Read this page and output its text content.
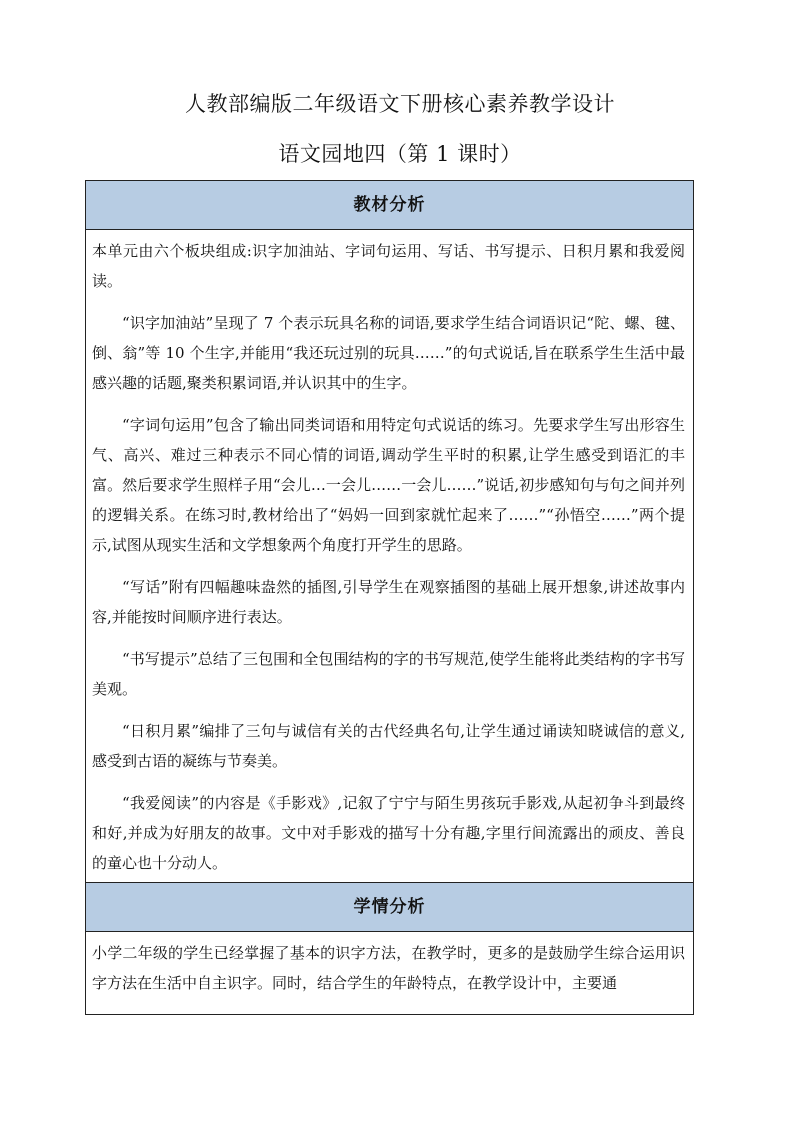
人教部编版二年级语文下册核心素养教学设计
语文园地四（第 1 课时）
教材分析

本单元由六个板块组成:识字加油站、字词句运用、写话、书写提示、日积月累和我爱阅读。

“识字加油站”呈现了 7 个表示玩具名称的词语,要求学生结合词语识记“陀、螺、毽、倒、翁”等 10 个生字,并能用“我还玩过别的玩具……”的句式说话,旨在联系学生生活中最感兴趣的话题,聚类积累词语,并认识其中的生字。

“字词句运用”包含了输出同类词语和用特定句式说话的练习。先要求学生写出形容生气、高兴、难过三种表示不同心情的词语,调动学生平时的积累,让学生感受到语汇的丰富。然后要求学生照样子用“会儿…一会儿……一会儿……”说话,初步感知句与句之间并列的逻辑关系。在练习时,教材给出了“妈妈一回到家就忙起来了……”“孙悟空……”两个提示,试图从现实生活和文学想象两个角度打开学生的思路。

“写话”附有四幅趣味盎然的插图,引导学生在观察插图的基础上展开想象,讲述故事内容,并能按时间顺序进行表达。

“书写提示”总结了三包围和全包围结构的字的书写规范,使学生能将此类结构的字书写美观。

“日积月累”编排了三句与诚信有关的古代经典名句,让学生通过诵读知晓诚信的意义,感受到古语的凝练与节奏美。

“我爱阅读”的内容是《手影戏》,记叙了宁宁与陌生男孩玩手影戏,从起初争斗到最终和好,并成为好朋友的故事。文中对手影戏的描写十分有趣,字里行间流露出的顽皮、善良的童心也十分动人。

学情分析

小学二年级的学生已经掌握了基本的识字方法，在教学时，更多的是鼓励学生综合运用识字方法在生活中自主识字。同时，结合学生的年龄特点，在教学设计中，主要通
